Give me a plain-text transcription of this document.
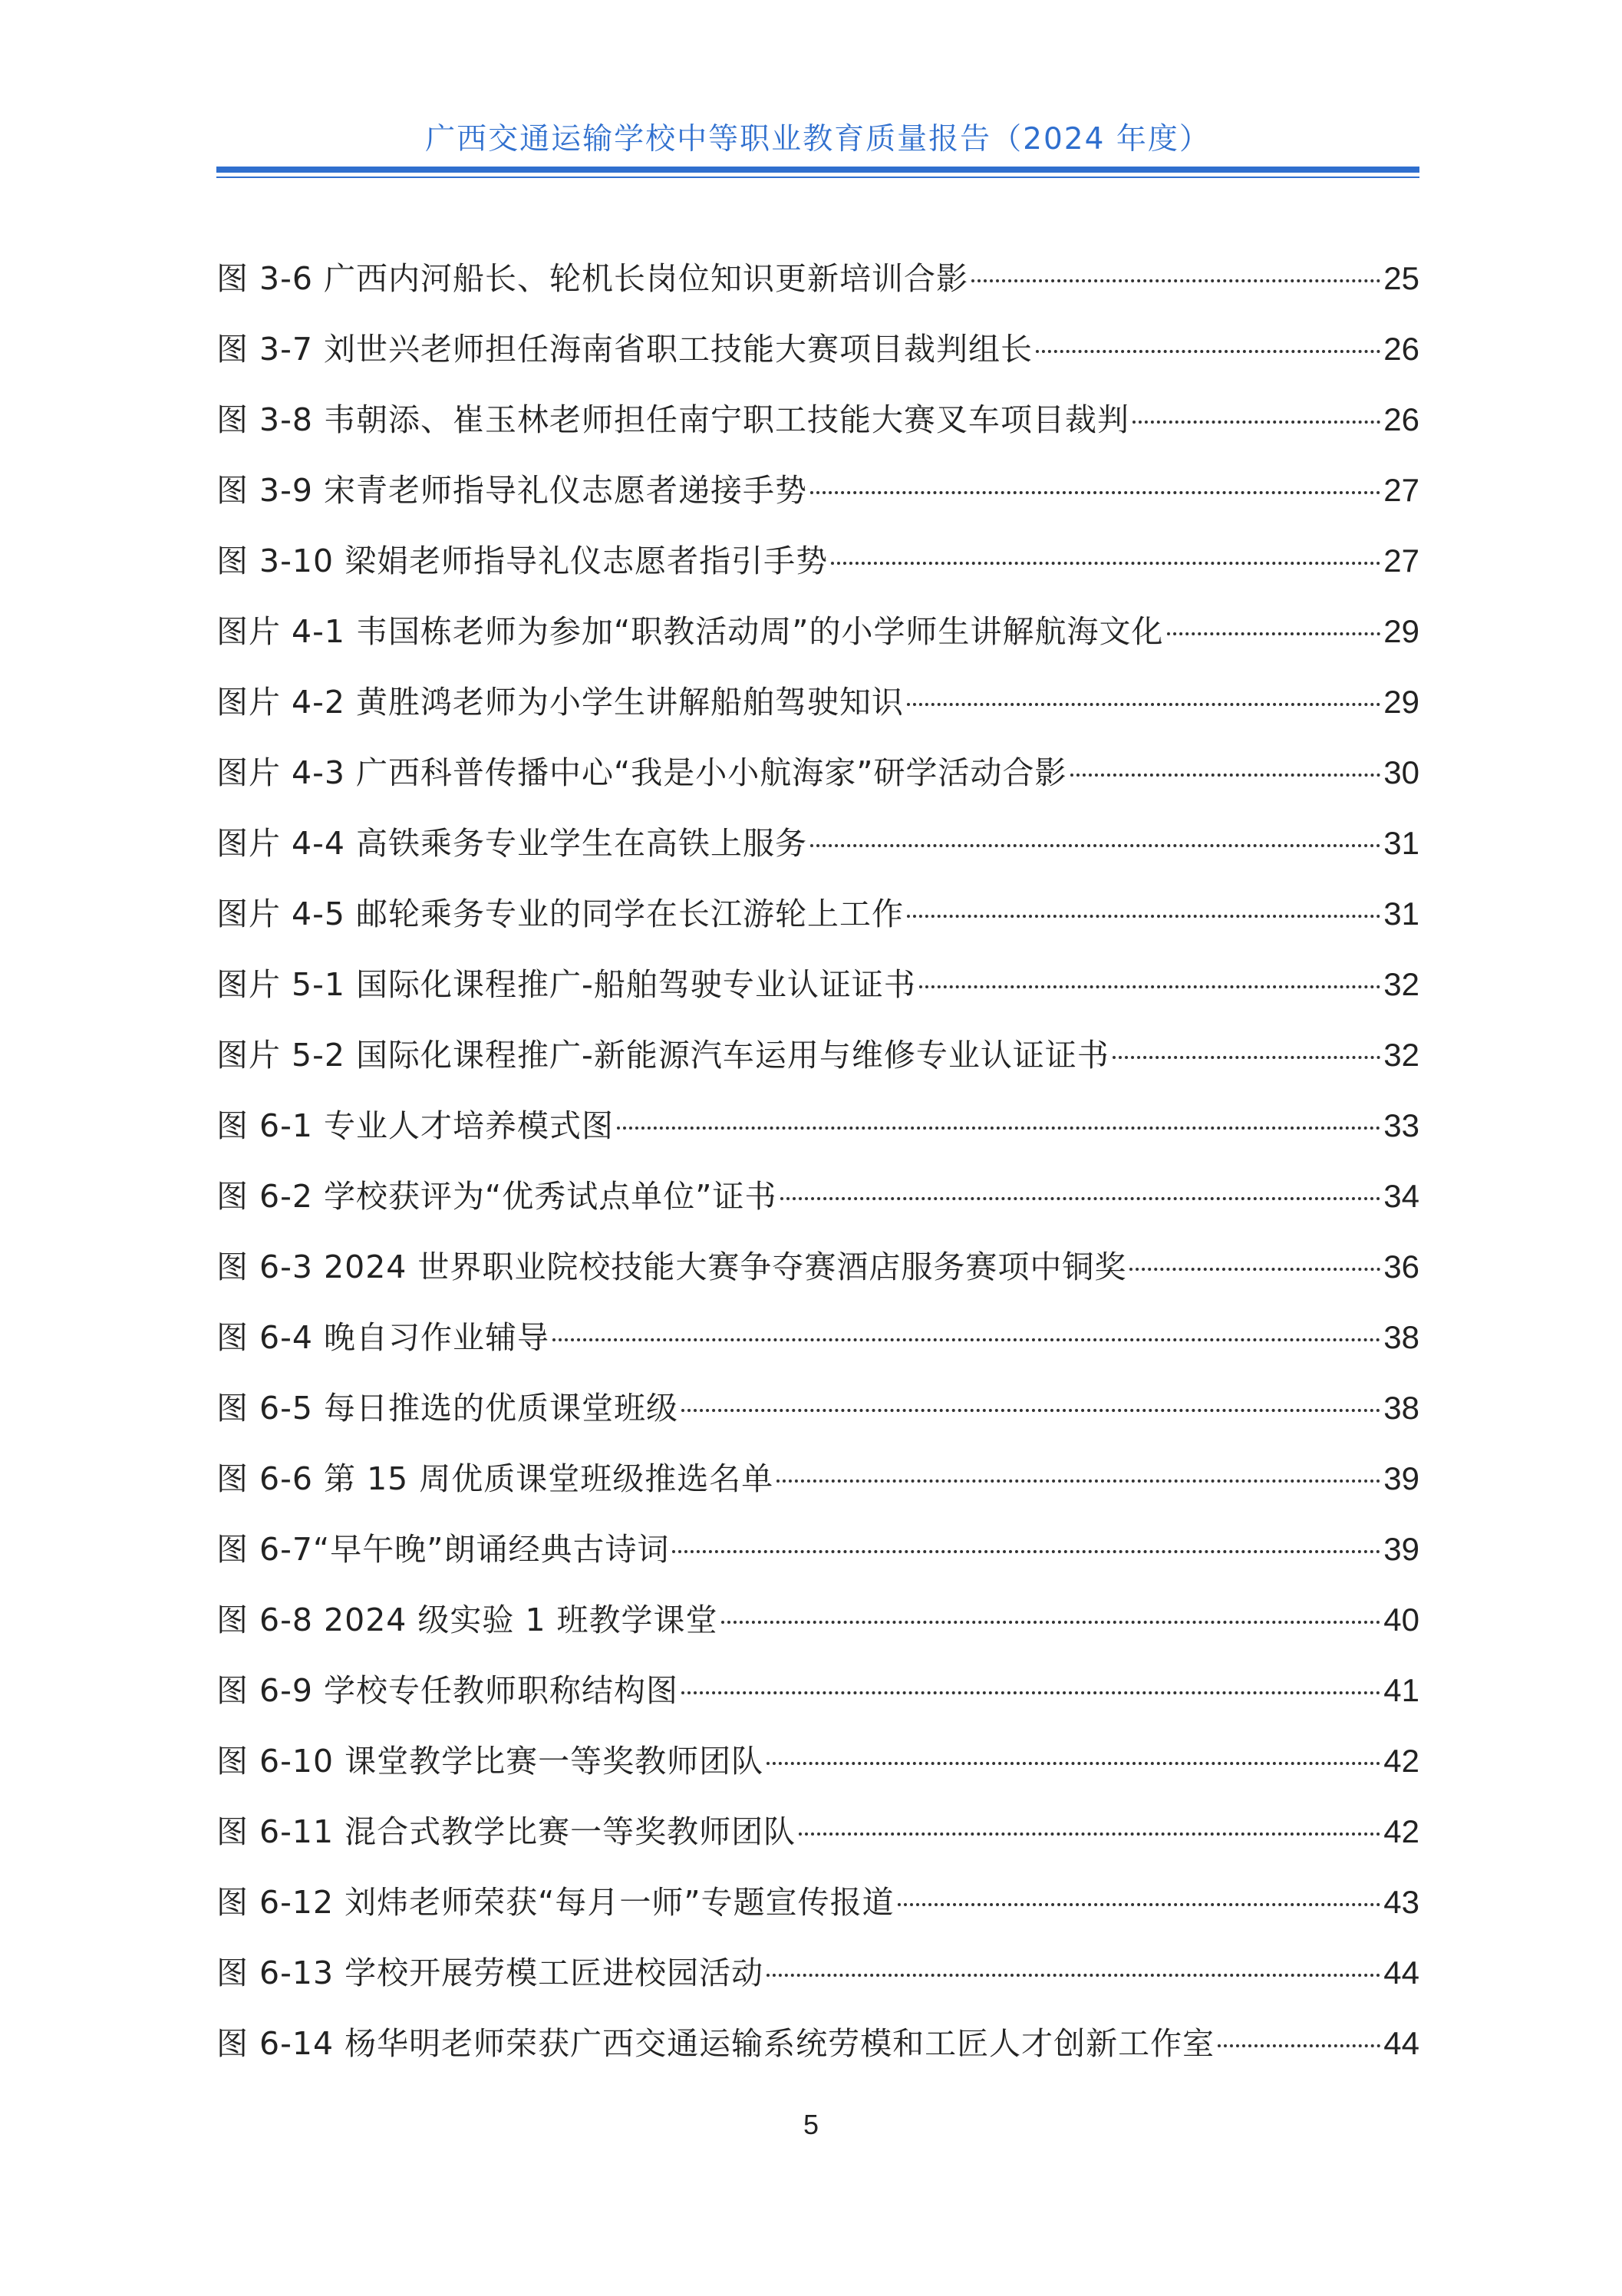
广西交通运输学校中等职业教育质量报告（2024 年度）
图 3-6 广西内河船长、轮机长岗位知识更新培训合影	25
图 3-7 刘世兴老师担任海南省职工技能大赛项目裁判组长	26
图 3-8 韦朝添、崔玉林老师担任南宁职工技能大赛叉车项目裁判	26
图 3-9 宋青老师指导礼仪志愿者递接手势	27
图 3-10 梁娟老师指导礼仪志愿者指引手势	27
图片 4-1 韦国栋老师为参加“职教活动周”的小学师生讲解航海文化	29
图片 4-2 黄胜鸿老师为小学生讲解船舶驾驶知识	29
图片 4-3 广西科普传播中心“我是小小航海家”研学活动合影	30
图片 4-4 高铁乘务专业学生在高铁上服务	31
图片 4-5 邮轮乘务专业的同学在长江游轮上工作	31
图片 5-1 国际化课程推广-船舶驾驶专业认证证书	32
图片 5-2 国际化课程推广-新能源汽车运用与维修专业认证证书	32
图 6-1 专业人才培养模式图	33
图 6-2 学校获评为“优秀试点单位”证书	34
图 6-3 2024 世界职业院校技能大赛争夺赛酒店服务赛项中铜奖	36
图 6-4 晚自习作业辅导	38
图 6-5 每日推选的优质课堂班级	38
图 6-6 第 15 周优质课堂班级推选名单	39
图 6-7“早午晚”朗诵经典古诗词	39
图 6-8 2024 级实验 1 班教学课堂	40
图 6-9 学校专任教师职称结构图	41
图 6-10 课堂教学比赛一等奖教师团队	42
图 6-11 混合式教学比赛一等奖教师团队	42
图 6-12 刘炜老师荣获“每月一师”专题宣传报道	43
图 6-13 学校开展劳模工匠进校园活动	44
图 6-14 杨华明老师荣获广西交通运输系统劳模和工匠人才创新工作室	44
5
